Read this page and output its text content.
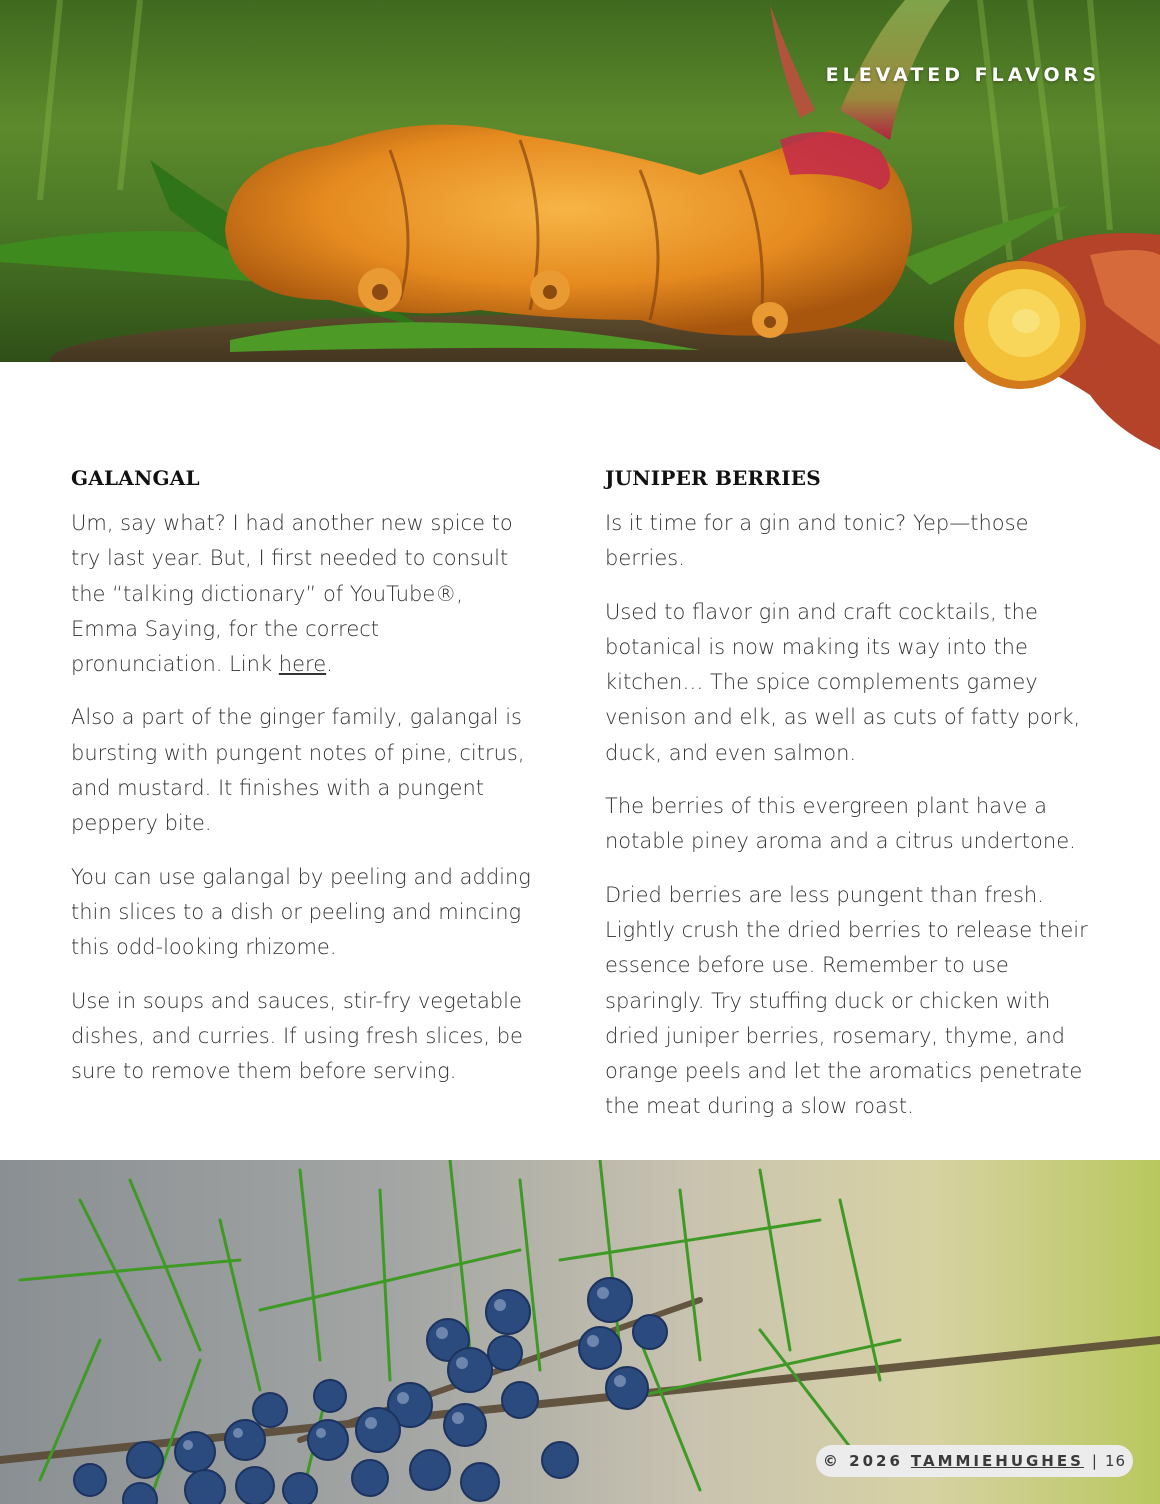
ELEVATED FLAVORS
GALANGAL

Um, say what? I had another new spice to try last year. But, I first needed to consult the “talking dictionary” of YouTube®, Emma Saying, for the correct pronunciation. Link here.

Also a part of the ginger family, galangal is bursting with pungent notes of pine, citrus, and mustard. It finishes with a pungent peppery bite.

You can use galangal by peeling and adding thin slices to a dish or peeling and mincing this odd-looking rhizome.

Use in soups and sauces, stir-fry vegetable dishes, and curries. If using fresh slices, be sure to remove them before serving.

JUNIPER BERRIES

Is it time for a gin and tonic? Yep—those berries.

Used to flavor gin and craft cocktails, the botanical is now making its way into the kitchen… The spice complements gamey venison and elk, as well as cuts of fatty pork, duck, and even salmon.

The berries of this evergreen plant have a notable piney aroma and a citrus undertone.

Dried berries are less pungent than fresh. Lightly crush the dried berries to release their essence before use. Remember to use sparingly. Try stuffing duck or chicken with dried juniper berries, rosemary, thyme, and orange peels and let the aromatics penetrate the meat during a slow roast.

© 2026 TAMMIEHUGHES | 16
